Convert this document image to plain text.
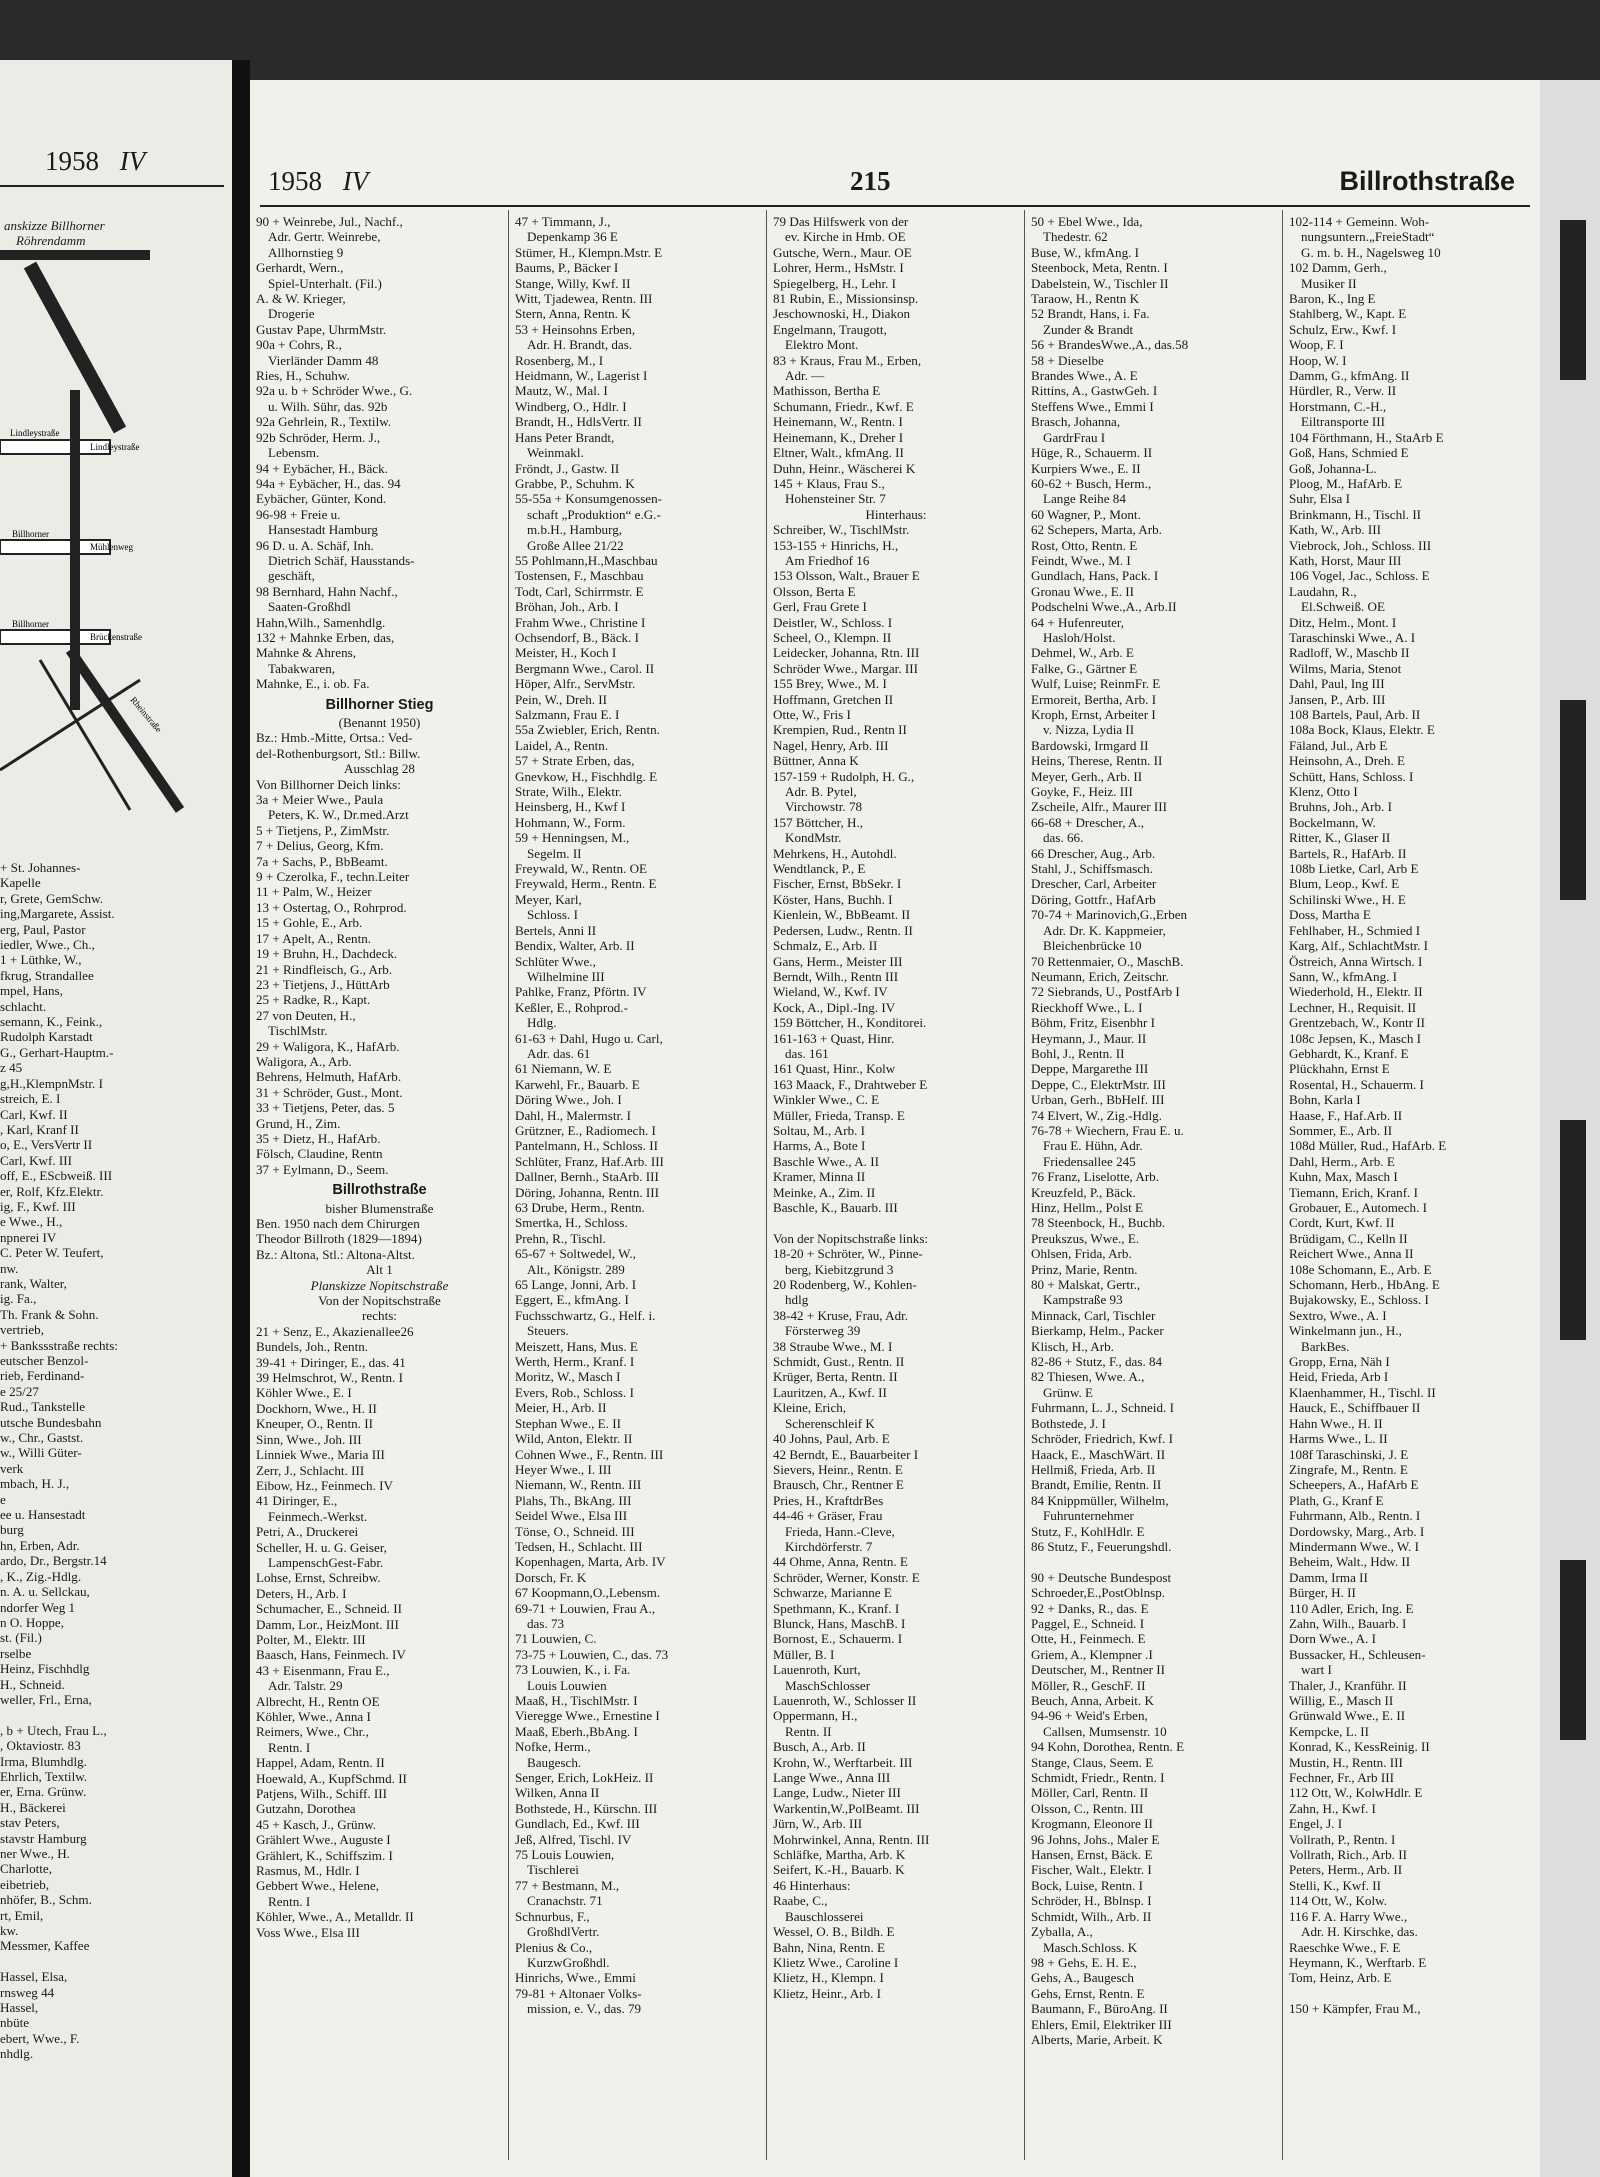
1958 IV
anskizze Billhorner
Röhrendamm
Lindleystraße
Billhorner
Billhorner
Lindleystraße
Mühlenweg
Brückenstraße
Rheinstraße
+ St. Johannes-
Kapelle
r, Grete, GemSchw.
ing,Margarete, Assist.
erg, Paul, Pastor
iedler, Wwe., Ch.,
1 + Lüthke, W.,
fkrug, Strandallee
mpel, Hans,
schlacht.
semann, K., Feink.,
Rudolph Karstadt
G., Gerhart-Hauptm.-
z 45
g,H.,KlempnMstr. I
streich, E. I
Carl, Kwf. II
, Karl, Kranf II
o, E., VersVertr II
Carl, Kwf. III
off, E., EScbweiß. III
er, Rolf, Kfz.Elektr.
ig, F., Kwf. III
e Wwe., H.,
npnerei IV
C. Peter W. Teufert,
nw.
rank, Walter,
ig. Fa.,
Th. Frank & Sohn.
vertrieb,
+ Bankssstraße rechts:
eutscher Benzol-
rieb, Ferdinand-
e 25/27
Rud., Tankstelle
utsche Bundesbahn
w., Chr., Gastst.
w., Willi Güter-
verk
mbach, H. J.,
e
ee u. Hansestadt
burg
hn, Erben, Adr.
ardo, Dr., Bergstr.14
, K., Zig.-Hdlg.
n. A. u. Sellckau,
ndorfer Weg 1
n O. Hoppe,
st. (Fil.)
rselbe
Heinz, Fischhdlg
H., Schneid.
weller, Frl., Erna,

, b + Utech, Frau L.,
, Oktaviostr. 83
Irma, Blumhdlg.
Ehrlich, Textilw.
er, Erna. Grünw.
H., Bäckerei
stav Peters,
stavstr Hamburg
ner Wwe., H.
Charlotte,
eibetrieb,
nhöfer, B., Schm.
rt, Emil,
kw.
Messmer, Kaffee

Hassel, Elsa,
rnsweg 44
Hassel,
nbüte
ebert, Wwe., F.
nhdlg.
1958 IV	215	Billrothstraße
90 + Weinrebe, Jul., Nachf.,
Adr. Gertr. Weinrebe,
Allhornstieg 9
Gerhardt, Wern.,
Spiel-Unterhalt. (Fil.)
A. & W. Krieger,
Drogerie
Gustav Pape, UhrmMstr.
90a + Cohrs, R.,
Vierländer Damm 48
Ries, H., Schuhw.
92a u. b + Schröder Wwe., G.
u. Wilh. Sühr, das. 92b
92a Gehrlein, R., Textilw.
92b Schröder, Herm. J.,
Lebensm.
94 + Eybächer, H., Bäck.
94a + Eybächer, H., das. 94
Eybächer, Günter, Kond.
96-98 + Freie u.
Hansestadt Hamburg
96 D. u. A. Schäf, Inh.
Dietrich Schäf, Hausstands-
geschäft,
98 Bernhard, Hahn Nachf.,
Saaten-Großhdl
Hahn,Wilh., Samenhdlg.
132 + Mahnke Erben, das,
Mahnke & Ahrens,
Tabakwaren,
Mahnke, E., i. ob. Fa.
Billhorner Stieg
(Benannt 1950)
Bz.: Hmb.-Mitte, Ortsa.: Ved-
del-Rothenburgsort, Stl.: Billw.
Ausschlag 28
Von Billhorner Deich links:
3a + Meier Wwe., Paula
Peters, K. W., Dr.med.Arzt
5 + Tietjens, P., ZimMstr.
7 + Delius, Georg, Kfm.
7a + Sachs, P., BbBeamt.
9 + Czerolka, F., techn.Leiter
11 + Palm, W., Heizer
13 + Ostertag, O., Rohrprod.
15 + Gohle, E., Arb.
17 + Apelt, A., Rentn.
19 + Bruhn, H., Dachdeck.
21 + Rindfleisch, G., Arb.
23 + Tietjens, J., HüttArb
25 + Radke, R., Kapt.
27 von Deuten, H.,
TischlMstr.
29 + Waligora, K., HafArb.
Waligora, A., Arb.
Behrens, Helmuth, HafArb.
31 + Schröder, Gust., Mont.
33 + Tietjens, Peter, das. 5
Grund, H., Zim.
35 + Dietz, H., HafArb.
Fölsch, Claudine, Rentn
37 + Eylmann, D., Seem.
Billrothstraße
bisher Blumenstraße
Ben. 1950 nach dem Chirurgen
Theodor Billroth (1829—1894)
Bz.: Altona, Stl.: Altona-Altst.
Alt 1
Planskizze Nopitschstraße
Von der Nopitschstraße
rechts:
21 + Senz, E., Akazienallee26
Bundels, Joh., Rentn.
39-41 + Diringer, E., das. 41
39 Helmschrot, W., Rentn. I
Köhler Wwe., E. I
Dockhorn, Wwe., H. II
Kneuper, O., Rentn. II
Sinn, Wwe., Joh. III
Linniek Wwe., Maria III
Zerr, J., Schlacht. III
Eibow, Hz., Feinmech. IV
41 Diringer, E.,
Feinmech.-Werkst.
Petri, A., Druckerei
Scheller, H. u. G. Geiser,
LampenschGest-Fabr.
Lohse, Ernst, Schreibw.
Deters, H., Arb. I
Schumacher, E., Schneid. II
Damm, Lor., HeizMont. III
Polter, M., Elektr. III
Baasch, Hans, Feinmech. IV
43 + Eisenmann, Frau E.,
Adr. Talstr. 29
Albrecht, H., Rentn OE
Köhler, Wwe., Anna I
Reimers, Wwe., Chr.,
Rentn. I
Happel, Adam, Rentn. II
Hoewald, A., KupfSchmd. II
Patjens, Wilh., Schiff. III
Gutzahn, Dorothea
45 + Kasch, J., Grünw.
Grählert Wwe., Auguste I
Grählert, K., Schiffszim. I
Rasmus, M., Hdlr. I
Gebbert Wwe., Helene,
Rentn. I
Köhler, Wwe., A., Metalldr. II
Voss Wwe., Elsa III
47 + Timmann, J.,
Depenkamp 36 E
Stümer, H., Klempn.Mstr. E
Baums, P., Bäcker I
Stange, Willy, Kwf. II
Witt, Tjadewea, Rentn. III
Stern, Anna, Rentn. K
53 + Heinsohns Erben,
Adr. H. Brandt, das.
Rosenberg, M., I
Heidmann, W., Lagerist I
Mautz, W., Mal. I
Windberg, O., Hdlr. I
Brandt, H., HdlsVertr. II
Hans Peter Brandt,
Weinmakl.
Fröndt, J., Gastw. II
Grabbe, P., Schuhm. K
55-55a + Konsumgenossen-
schaft „Produktion“ e.G.-
m.b.H., Hamburg,
Große Allee 21/22
55 Pohlmann,H.,Maschbau
Tostensen, F., Maschbau
Todt, Carl, Schirrmstr. E
Bröhan, Joh., Arb. I
Frahm Wwe., Christine I
Ochsendorf, B., Bäck. I
Meister, H., Koch I
Bergmann Wwe., Carol. II
Höper, Alfr., ServMstr.
Pein, W., Dreh. II
Salzmann, Frau E. I
55a Zwiebler, Erich, Rentn.
Laidel, A., Rentn.
57 + Strate Erben, das,
Gnevkow, H., Fischhdlg. E
Strate, Wilh., Elektr.
Heinsberg, H., Kwf I
Hohmann, W., Form.
59 + Henningsen, M.,
Segelm. II
Freywald, W., Rentn. OE
Freywald, Herm., Rentn. E
Meyer, Karl,
Schloss. I
Bertels, Anni II
Bendix, Walter, Arb. II
Schlüter Wwe.,
Wilhelmine III
Pahlke, Franz, Pförtn. IV
Keßler, E., Rohprod.-
Hdlg.
61-63 + Dahl, Hugo u. Carl,
Adr. das. 61
61 Niemann, W. E
Karwehl, Fr., Bauarb. E
Döring Wwe., Joh. I
Dahl, H., Malermstr. I
Grützner, E., Radiomech. I
Pantelmann, H., Schloss. II
Schlüter, Franz, Haf.Arb. III
Dallner, Bernh., StaArb. III
Döring, Johanna, Rentn. III
63 Drube, Herm., Rentn.
Smertka, H., Schloss.
Prehn, R., Tischl.
65-67 + Soltwedel, W.,
Alt., Königstr. 289
65 Lange, Jonni, Arb. I
Eggert, E., kfmAng. I
Fuchsschwartz, G., Helf. i.
Steuers.
Meiszett, Hans, Mus. E
Werth, Herm., Kranf. I
Moritz, W., Masch I
Evers, Rob., Schloss. I
Meier, H., Arb. II
Stephan Wwe., E. II
Wild, Anton, Elektr. II
Cohnen Wwe., F., Rentn. III
Heyer Wwe., I. III
Niemann, W., Rentn. III
Plahs, Th., BkAng. III
Seidel Wwe., Elsa III
Tönse, O., Schneid. III
Tedsen, H., Schlacht. III
Kopenhagen, Marta, Arb. IV
Dorsch, Fr. K
67 Koopmann,O.,Lebensm.
69-71 + Louwien, Frau A.,
das. 73
71 Louwien, C.
73-75 + Louwien, C., das. 73
73 Louwien, K., i. Fa.
Louis Louwien
Maaß, H., TischlMstr. I
Vieregge Wwe., Ernestine I
Maaß, Eberh.,BbAng. I
Nofke, Herm.,
Baugesch.
Senger, Erich, LokHeiz. II
Wilken, Anna II
Bothstede, H., Kürschn. III
Gundlach, Ed., Kwf. III
Jeß, Alfred, Tischl. IV
75 Louis Louwien,
Tischlerei
77 + Bestmann, M.,
Cranachstr. 71
Schnurbus, F.,
GroßhdlVertr.
Plenius & Co.,
KurzwGroßhdl.
Hinrichs, Wwe., Emmi
79-81 + Altonaer Volks-
mission, e. V., das. 79
79 Das Hilfswerk von der
ev. Kirche in Hmb. OE
Gutsche, Wern., Maur. OE
Lohrer, Herm., HsMstr. I
Spiegelberg, H., Lehr. I
81 Rubin, E., Missionsinsp.
Jeschownoski, H., Diakon
Engelmann, Traugott,
Elektro Mont.
83 + Kraus, Frau M., Erben,
Adr. —
Mathisson, Bertha E
Schumann, Friedr., Kwf. E
Heinemann, W., Rentn. I
Heinemann, K., Dreher I
Eltner, Walt., kfmAng. II
Duhn, Heinr., Wäscherei K
145 + Klaus, Frau S.,
Hohensteiner Str. 7
Hinterhaus:
Schreiber, W., TischlMstr.
153-155 + Hinrichs, H.,
Am Friedhof 16
153 Olsson, Walt., Brauer E
Olsson, Berta E
Gerl, Frau Grete I
Deistler, W., Schloss. I
Scheel, O., Klempn. II
Leidecker, Johanna, Rtn. III
Schröder Wwe., Margar. III
155 Brey, Wwe., M. I
Hoffmann, Gretchen II
Otte, W., Fris I
Krempien, Rud., Rentn II
Nagel, Henry, Arb. III
Büttner, Anna K
157-159 + Rudolph, H. G.,
Adr. B. Pytel,
Virchowstr. 78
157 Böttcher, H.,
KondMstr.
Mehrkens, H., Autohdl.
Wendtlanck, P., E
Fischer, Ernst, BbSekr. I
Köster, Hans, Buchh. I
Kienlein, W., BbBeamt. II
Pedersen, Ludw., Rentn. II
Schmalz, E., Arb. II
Gans, Herm., Meister III
Berndt, Wilh., Rentn III
Wieland, W., Kwf. IV
Kock, A., Dipl.-Ing. IV
159 Böttcher, H., Konditorei.
161-163 + Quast, Hinr.
das. 161
161 Quast, Hinr., Kolw
163 Maack, F., Drahtweber E
Winkler Wwe., C. E
Müller, Frieda, Transp. E
Soltau, M., Arb. I
Harms, A., Bote I
Baschle Wwe., A. II
Kramer, Minna II
Meinke, A., Zim. II
Baschle, K., Bauarb. III

Von der Nopitschstraße links:
18-20 + Schröter, W., Pinne-
berg, Kiebitzgrund 3
20 Rodenberg, W., Kohlen-
hdlg
38-42 + Kruse, Frau, Adr.
Försterweg 39
38 Straube Wwe., M. I
Schmidt, Gust., Rentn. II
Krüger, Berta, Rentn. II
Lauritzen, A., Kwf. II
Kleine, Erich,
Scherenschleif K
40 Johns, Paul, Arb. E
42 Berndt, E., Bauarbeiter I
Sievers, Heinr., Rentn. E
Brausch, Chr., Rentner E
Pries, H., KraftdrBes
44-46 + Gräser, Frau
Frieda, Hann.-Cleve,
Kirchdörferstr. 7
44 Ohme, Anna, Rentn. E
Schröder, Werner, Konstr. E
Schwarze, Marianne E
Spethmann, K., Kranf. I
Blunck, Hans, MaschB. I
Bornost, E., Schauerm. I
Müller, B. I
Lauenroth, Kurt,
MaschSchlosser
Lauenroth, W., Schlosser II
Oppermann, H.,
Rentn. II
Busch, A., Arb. II
Krohn, W., Werftarbeit. III
Lange Wwe., Anna III
Lange, Ludw., Nieter III
Warkentin,W.,PolBeamt. III
Jürn, W., Arb. III
Mohrwinkel, Anna, Rentn. III
Schläfke, Martha, Arb. K
Seifert, K.-H., Bauarb. K
46 Hinterhaus:
Raabe, C.,
Bauschlosserei
Wessel, O. B., Bildh. E
Bahn, Nina, Rentn. E
Klietz Wwe., Caroline I
Klietz, H., Klempn. I
Klietz, Heinr., Arb. I
50 + Ebel Wwe., Ida,
Thedestr. 62
Buse, W., kfmAng. I
Steenbock, Meta, Rentn. I
Dabelstein, W., Tischler II
Taraow, H., Rentn K
52 Brandt, Hans, i. Fa.
Zunder & Brandt
56 + BrandesWwe.,A., das.58
58 + Dieselbe
Brandes Wwe., A. E
Rittins, A., GastwGeh. I
Steffens Wwe., Emmi I
Brasch, Johanna,
GardrFrau I
Hüge, R., Schauerm. II
Kurpiers Wwe., E. II
60-62 + Busch, Herm.,
Lange Reihe 84
60 Wagner, P., Mont.
62 Schepers, Marta, Arb.
Rost, Otto, Rentn. E
Feindt, Wwe., M. I
Gundlach, Hans, Pack. I
Gronau Wwe., E. II
Podschelni Wwe.,A., Arb.II
64 + Hufenreuter,
Hasloh/Holst.
Dehmel, W., Arb. E
Falke, G., Gärtner E
Wulf, Luise; ReinmFr. E
Ermoreit, Bertha, Arb. I
Kroph, Ernst, Arbeiter I
v. Nizza, Lydia II
Bardowski, Irmgard II
Heins, Therese, Rentn. II
Meyer, Gerh., Arb. II
Goyke, F., Heiz. III
Zscheile, Alfr., Maurer III
66-68 + Drescher, A.,
das. 66.
66 Drescher, Aug., Arb.
Stahl, J., Schiffsmasch.
Drescher, Carl, Arbeiter
Döring, Gottfr., HafArb
70-74 + Marinovich,G.,Erben
Adr. Dr. K. Kappmeier,
Bleichenbrücke 10
70 Rettenmaier, O., MaschB.
Neumann, Erich, Zeitschr.
72 Siebrands, U., PostfArb I
Rieckhoff Wwe., L. I
Böhm, Fritz, Eisenbhr I
Heymann, J., Maur. II
Bohl, J., Rentn. II
Deppe, Margarethe III
Deppe, C., ElektrMstr. III
Urban, Gerh., BbHelf. III
74 Elvert, W., Zig.-Hdlg.
76-78 + Wiechern, Frau E. u.
Frau E. Hühn, Adr.
Friedensallee 245
76 Franz, Liselotte, Arb.
Kreuzfeld, P., Bäck.
Hinz, Hellm., Polst E
78 Steenbock, H., Buchb.
Preukszus, Wwe., E.
Ohlsen, Frida, Arb.
Prinz, Marie, Rentn.
80 + Malskat, Gertr.,
Kampstraße 93
Minnack, Carl, Tischler
Bierkamp, Helm., Packer
Klisch, H., Arb.
82-86 + Stutz, F., das. 84
82 Thiesen, Wwe. A.,
Grünw. E
Fuhrmann, L. J., Schneid. I
Bothstede, J. I
Schröder, Friedrich, Kwf. I
Haack, E., MaschWärt. II
Hellmiß, Frieda, Arb. II
Brandt, Emilie, Rentn. II
84 Knippmüller, Wilhelm,
Fuhrunternehmer
Stutz, F., KohlHdlr. E
86 Stutz, F., Feuerungshdl.

90 + Deutsche Bundespost
Schroeder,E.,PostOblnsp.
92 + Danks, R., das. E
Paggel, E., Schneid. I
Otte, H., Feinmech. E
Griem, A., Klempner .I
Deutscher, M., Rentner II
Möller, R., GeschF. II
Beuch, Anna, Arbeit. K
94-96 + Weid's Erben,
Callsen, Mumsenstr. 10
94 Kohn, Dorothea, Rentn. E
Stange, Claus, Seem. E
Schmidt, Friedr., Rentn. I
Möller, Carl, Rentn. II
Olsson, C., Rentn. III
Krogmann, Eleonore II
96 Johns, Johs., Maler E
Hansen, Ernst, Bäck. E
Fischer, Walt., Elektr. I
Bock, Luise, Rentn. I
Schröder, H., Bblnsp. I
Schmidt, Wilh., Arb. II
Zyballa, A.,
Masch.Schloss. K
98 + Gehs, E. H. E.,
Gehs, A., Baugesch
Gehs, Ernst, Rentn. E
Baumann, F., BüroAng. II
Ehlers, Emil, Elektriker III
Alberts, Marie, Arbeit. K
102-114 + Gemeinn. Woh-
nungsuntern.„FreieStadt“
G. m. b. H., Nagelsweg 10
102 Damm, Gerh.,
Musiker II
Baron, K., Ing E
Stahlberg, W., Kapt. E
Schulz, Erw., Kwf. I
Woop, F. I
Hoop, W. I
Damm, G., kfmAng. II
Hürdler, R., Verw. II
Horstmann, C.-H.,
Eiltransporte III
104 Förthmann, H., StaArb E
Goß, Hans, Schmied E
Goß, Johanna-L.
Ploog, M., HafArb. E
Suhr, Elsa I
Brinkmann, H., Tischl. II
Kath, W., Arb. III
Viebrock, Joh., Schloss. III
Kath, Horst, Maur III
106 Vogel, Jac., Schloss. E
Laudahn, R.,
El.Schweiß. OE
Ditz, Helm., Mont. I
Taraschinski Wwe., A. I
Radloff, W., Maschb II
Wilms, Maria, Stenot
Dahl, Paul, Ing III
Jansen, P., Arb. III
108 Bartels, Paul, Arb. II
108a Bock, Klaus, Elektr. E
Fäland, Jul., Arb E
Heinsohn, A., Dreh. E
Schütt, Hans, Schloss. I
Klenz, Otto I
Bruhns, Joh., Arb. I
Bockelmann, W.
Ritter, K., Glaser II
Bartels, R., HafArb. II
108b Lietke, Carl, Arb E
Blum, Leop., Kwf. E
Schilinski Wwe., H. E
Doss, Martha E
Fehlhaber, H., Schmied I
Karg, Alf., SchlachtMstr. I
Östreich, Anna Wirtsch. I
Sann, W., kfmAng. I
Wiederhold, H., Elektr. II
Lechner, H., Requisit. II
Grentzebach, W., Kontr II
108c Jepsen, K., Masch I
Gebhardt, K., Kranf. E
Plückhahn, Ernst E
Rosental, H., Schauerm. I
Bohn, Karla I
Haase, F., Haf.Arb. II
Sommer, E., Arb. II
108d Müller, Rud., HafArb. E
Dahl, Herm., Arb. E
Kuhn, Max, Masch I
Tiemann, Erich, Kranf. I
Grobauer, E., Automech. I
Cordt, Kurt, Kwf. II
Brüdigam, C., Kelln II
Reichert Wwe., Anna II
108e Schomann, E., Arb. E
Schomann, Herb., HbAng. E
Bujakowsky, E., Schloss. I
Sextro, Wwe., A. I
Winkelmann jun., H.,
BarkBes.
Gropp, Erna, Näh I
Heid, Frieda, Arb I
Klaenhammer, H., Tischl. II
Hauck, E., Schiffbauer II
Hahn Wwe., H. II
Harms Wwe., L. II
108f Taraschinski, J. E
Zingrafe, M., Rentn. E
Scheepers, A., HafArb E
Plath, G., Kranf E
Fuhrmann, Alb., Rentn. I
Dordowsky, Marg., Arb. I
Mindermann Wwe., W. I
Beheim, Walt., Hdw. II
Damm, Irma II
Bürger, H. II
110 Adler, Erich, Ing. E
Zahn, Wilh., Bauarb. I
Dorn Wwe., A. I
Bussacker, H., Schleusen-
wart I
Thaler, J., Kranführ. II
Willig, E., Masch II
Grünwald Wwe., E. II
Kempcke, L. II
Konrad, K., KessReinig. II
Mustin, H., Rentn. III
Fechner, Fr., Arb III
112 Ott, W., KolwHdlr. E
Zahn, H., Kwf. I
Engel, J. I
Vollrath, P., Rentn. I
Vollrath, Rich., Arb. II
Peters, Herm., Arb. II
Stelli, K., Kwf. II
114 Ott, W., Kolw.
116 F. A. Harry Wwe.,
Adr. H. Kirschke, das.
Raeschke Wwe., F. E
Heymann, K., Werftarb. E
Tom, Heinz, Arb. E

150 + Kämpfer, Frau M.,
